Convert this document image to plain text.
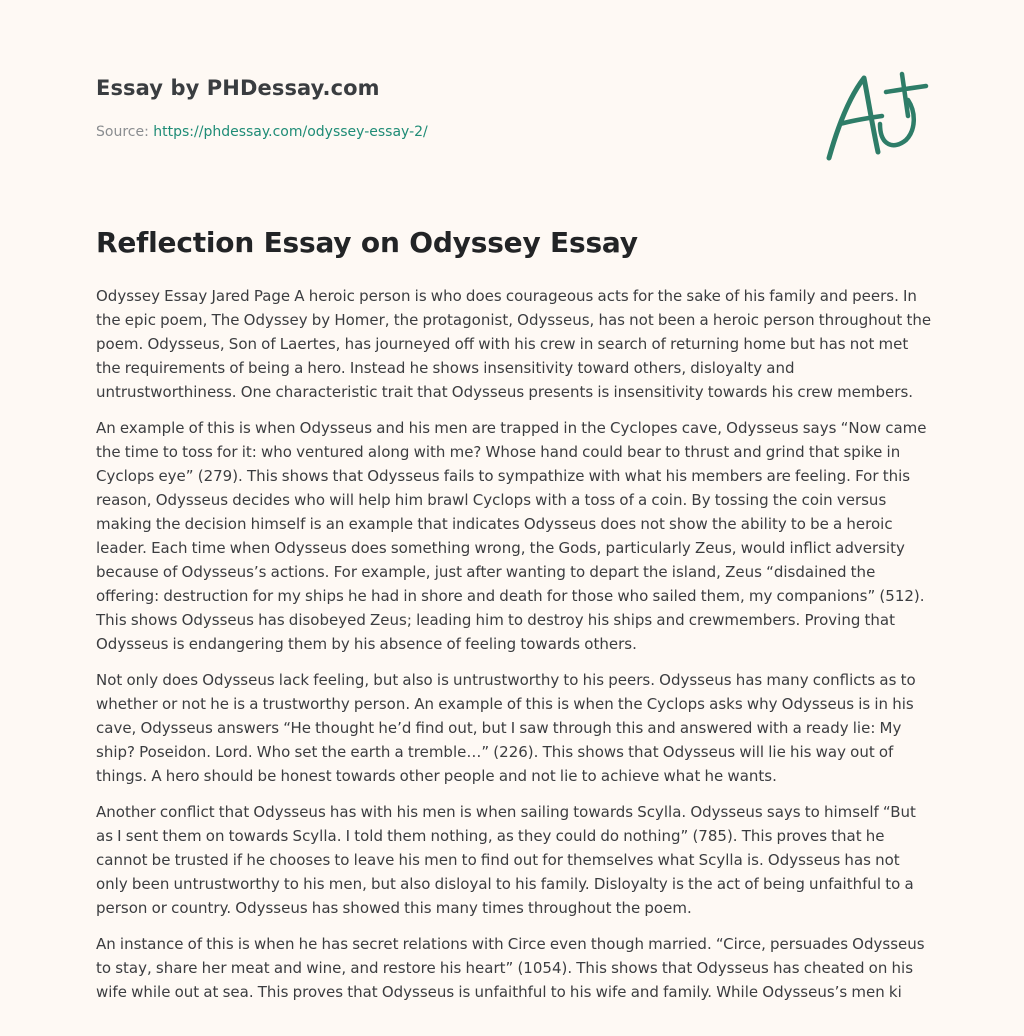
Essay by PHDessay.com
Source: https://phdessay.com/odyssey-essay-2/
Reflection Essay on Odyssey Essay

Odyssey Essay Jared Page A heroic person is who does courageous acts for the sake of his family and peers. In the epic poem, The Odyssey by Homer, the protagonist, Odysseus, has not been a heroic person throughout the poem. Odysseus, Son of Laertes, has journeyed off with his crew in search of returning home but has not met the requirements of being a hero. Instead he shows insensitivity toward others, disloyalty and untrustworthiness. One characteristic trait that Odysseus presents is insensitivity towards his crew members.

An example of this is when Odysseus and his men are trapped in the Cyclopes cave, Odysseus says “Now came the time to toss for it: who ventured along with me? Whose hand could bear to thrust and grind that spike in Cyclops eye” (279). This shows that Odysseus fails to sympathize with what his members are feeling. For this reason, Odysseus decides who will help him brawl Cyclops with a toss of a coin. By tossing the coin versus making the decision himself is an example that indicates Odysseus does not show the ability to be a heroic leader. Each time when Odysseus does something wrong, the Gods, particularly Zeus, would inflict adversity because of Odysseus’s actions. For example, just after wanting to depart the island, Zeus “disdained the offering: destruction for my ships he had in shore and death for those who sailed them, my companions” (512). This shows Odysseus has disobeyed Zeus; leading him to destroy his ships and crewmembers. Proving that Odysseus is endangering them by his absence of feeling towards others.

Not only does Odysseus lack feeling, but also is untrustworthy to his peers. Odysseus has many conflicts as to whether or not he is a trustworthy person. An example of this is when the Cyclops asks why Odysseus is in his cave, Odysseus answers “He thought he’d find out, but I saw through this and answered with a ready lie: My ship? Poseidon. Lord. Who set the earth a tremble…” (226). This shows that Odysseus will lie his way out of things. A hero should be honest towards other people and not lie to achieve what he wants.

Another conflict that Odysseus has with his men is when sailing towards Scylla. Odysseus says to himself “But as I sent them on towards Scylla. I told them nothing, as they could do nothing” (785). This proves that he cannot be trusted if he chooses to leave his men to find out for themselves what Scylla is. Odysseus has not only been untrustworthy to his men, but also disloyal to his family. Disloyalty is the act of being unfaithful to a person or country. Odysseus has showed this many times throughout the poem.

An instance of this is when he has secret relations with Circe even though married. “Circe, persuades Odysseus to stay, share her meat and wine, and restore his heart” (1054). This shows that Odysseus has cheated on his wife while out at sea. This proves that Odysseus is unfaithful to his wife and family. While Odysseus’s men ki
